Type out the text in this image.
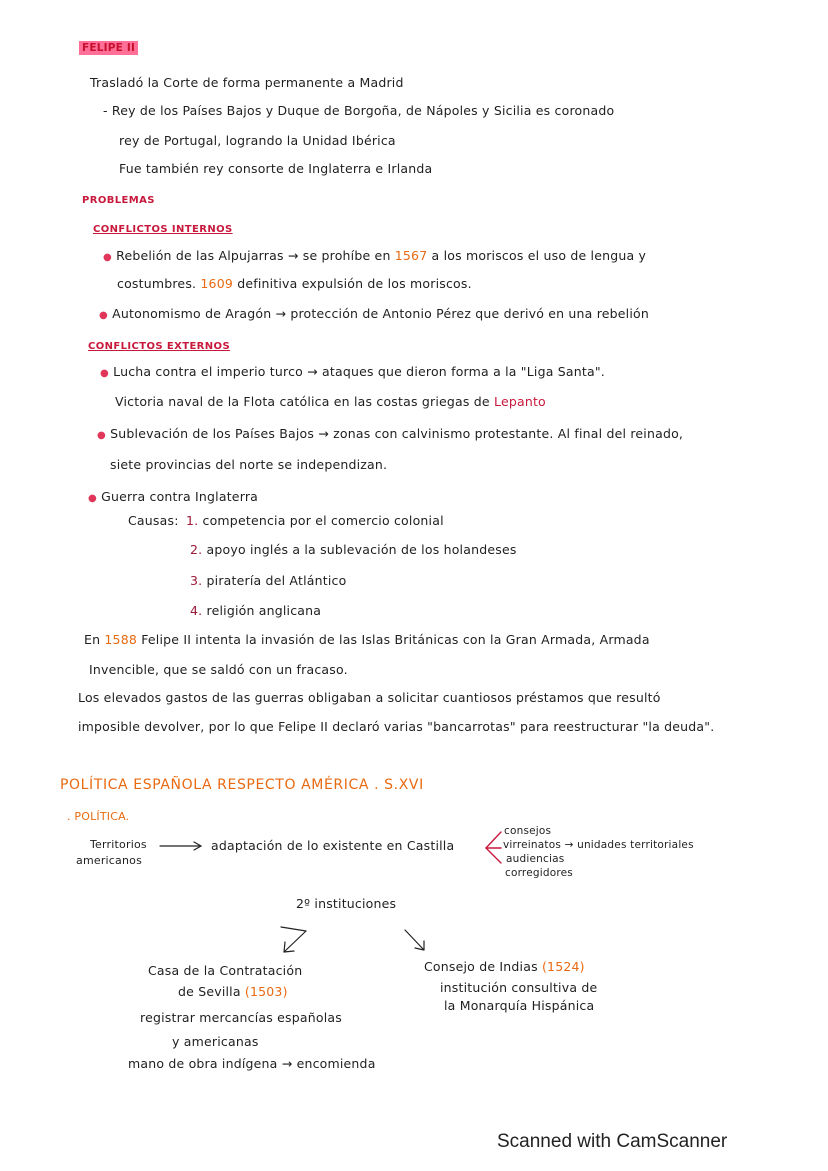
FELIPE II
Trasladó la Corte de forma permanente a Madrid
- Rey de los Países Bajos y Duque de Borgoña, de Nápoles y Sicilia es coronado
rey de Portugal, logrando la Unidad Ibérica
Fue también rey consorte de Inglaterra e Irlanda
PROBLEMAS
CONFLICTOS INTERNOS
● Rebelión de las Alpujarras → se prohíbe en 1567 a los moriscos el uso de lengua y
costumbres. 1609 definitiva expulsión de los moriscos.
● Autonomismo de Aragón → protección de Antonio Pérez que derivó en una rebelión
CONFLICTOS EXTERNOS
● Lucha contra el imperio turco → ataques que dieron forma a la "Liga Santa".
Victoria naval de la Flota católica en las costas griegas de Lepanto
● Sublevación de los Países Bajos → zonas con calvinismo protestante. Al final del reinado,
siete provincias del norte se independizan.
● Guerra contra Inglaterra
Causas: 1. competencia por el comercio colonial
2. apoyo inglés a la sublevación de los holandeses
3. piratería del Atlántico
4. religión anglicana
En 1588 Felipe II intenta la invasión de las Islas Británicas con la Gran Armada, Armada
Invencible, que se saldó con un fracaso.
Los elevados gastos de las guerras obligaban a solicitar cuantiosos préstamos que resultó
imposible devolver, por lo que Felipe II declaró varias "bancarrotas" para reestructurar "la deuda".
POLÍTICA ESPAÑOLA RESPECTO AMÉRICA . S.XVI
. POLÍTICA.
Territorios
americanos
adaptación de lo existente en Castilla
consejos
virreinatos → unidades territoriales
audiencias
corregidores
2º instituciones
Casa de la Contratación
de Sevilla (1503)
registrar mercancías españolas
y americanas
mano de obra indígena → encomienda
Consejo de Indias (1524)
institución consultiva de
la Monarquía Hispánica
Scanned with CamScanner
